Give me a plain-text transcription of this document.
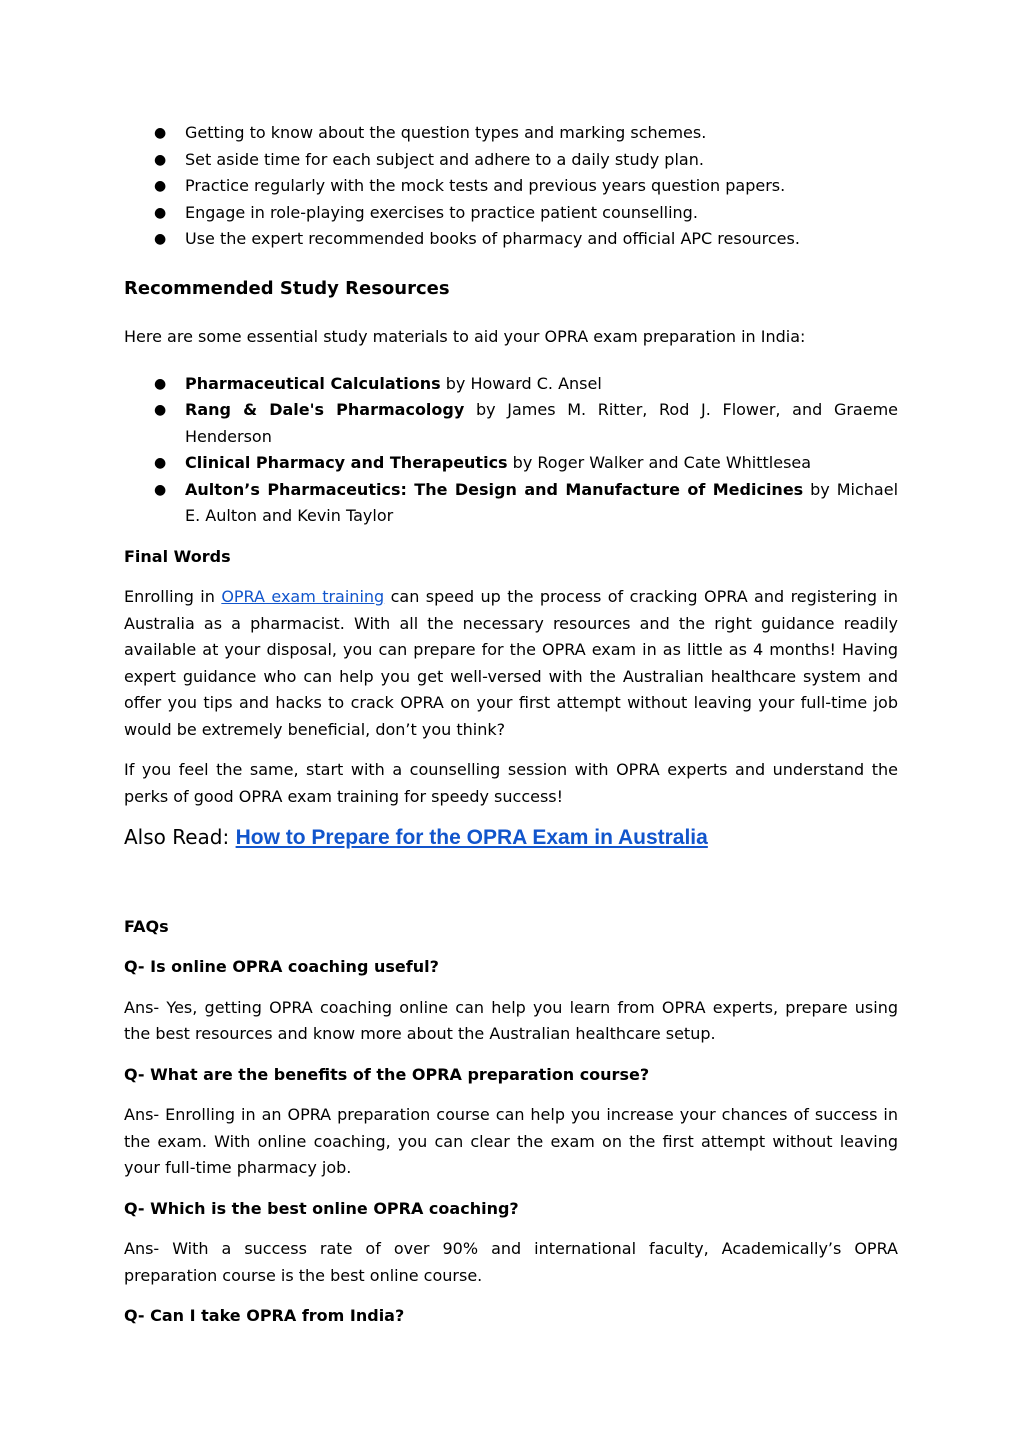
● Getting to know about the question types and marking schemes.
● Set aside time for each subject and adhere to a daily study plan.
● Practice regularly with the mock tests and previous years question papers.
● Engage in role-playing exercises to practice patient counselling.
● Use the expert recommended books of pharmacy and official APC resources.
Recommended Study Resources

Here are some essential study materials to aid your OPRA exam preparation in India:

● Pharmaceutical Calculations by Howard C. Ansel
● Rang & Dale's Pharmacology by James M. Ritter, Rod J. Flower, and Graeme Henderson
● Clinical Pharmacy and Therapeutics by Roger Walker and Cate Whittlesea
● Aulton’s Pharmaceutics: The Design and Manufacture of Medicines by Michael E. Aulton and Kevin Taylor
Final Words

Enrolling in OPRA exam training can speed up the process of cracking OPRA and registering in Australia as a pharmacist. With all the necessary resources and the right guidance readily available at your disposal, you can prepare for the OPRA exam in as little as 4 months! Having expert guidance who can help you get well-versed with the Australian healthcare system and offer you tips and hacks to crack OPRA on your first attempt without leaving your full-time job would be extremely beneficial, don’t you think?

If you feel the same, start with a counselling session with OPRA experts and understand the perks of good OPRA exam training for speedy success!

Also Read: How to Prepare for the OPRA Exam in Australia

FAQs
Q- Is online OPRA coaching useful?

Ans- Yes, getting OPRA coaching online can help you learn from OPRA experts, prepare using the best resources and know more about the Australian healthcare setup.

Q- What are the benefits of the OPRA preparation course?

Ans- Enrolling in an OPRA preparation course can help you increase your chances of success in the exam. With online coaching, you can clear the exam on the first attempt without leaving your full-time pharmacy job.

Q- Which is the best online OPRA coaching?

Ans- With a success rate of over 90% and international faculty, Academically’s OPRA preparation course is the best online course.

Q- Can I take OPRA from India?
